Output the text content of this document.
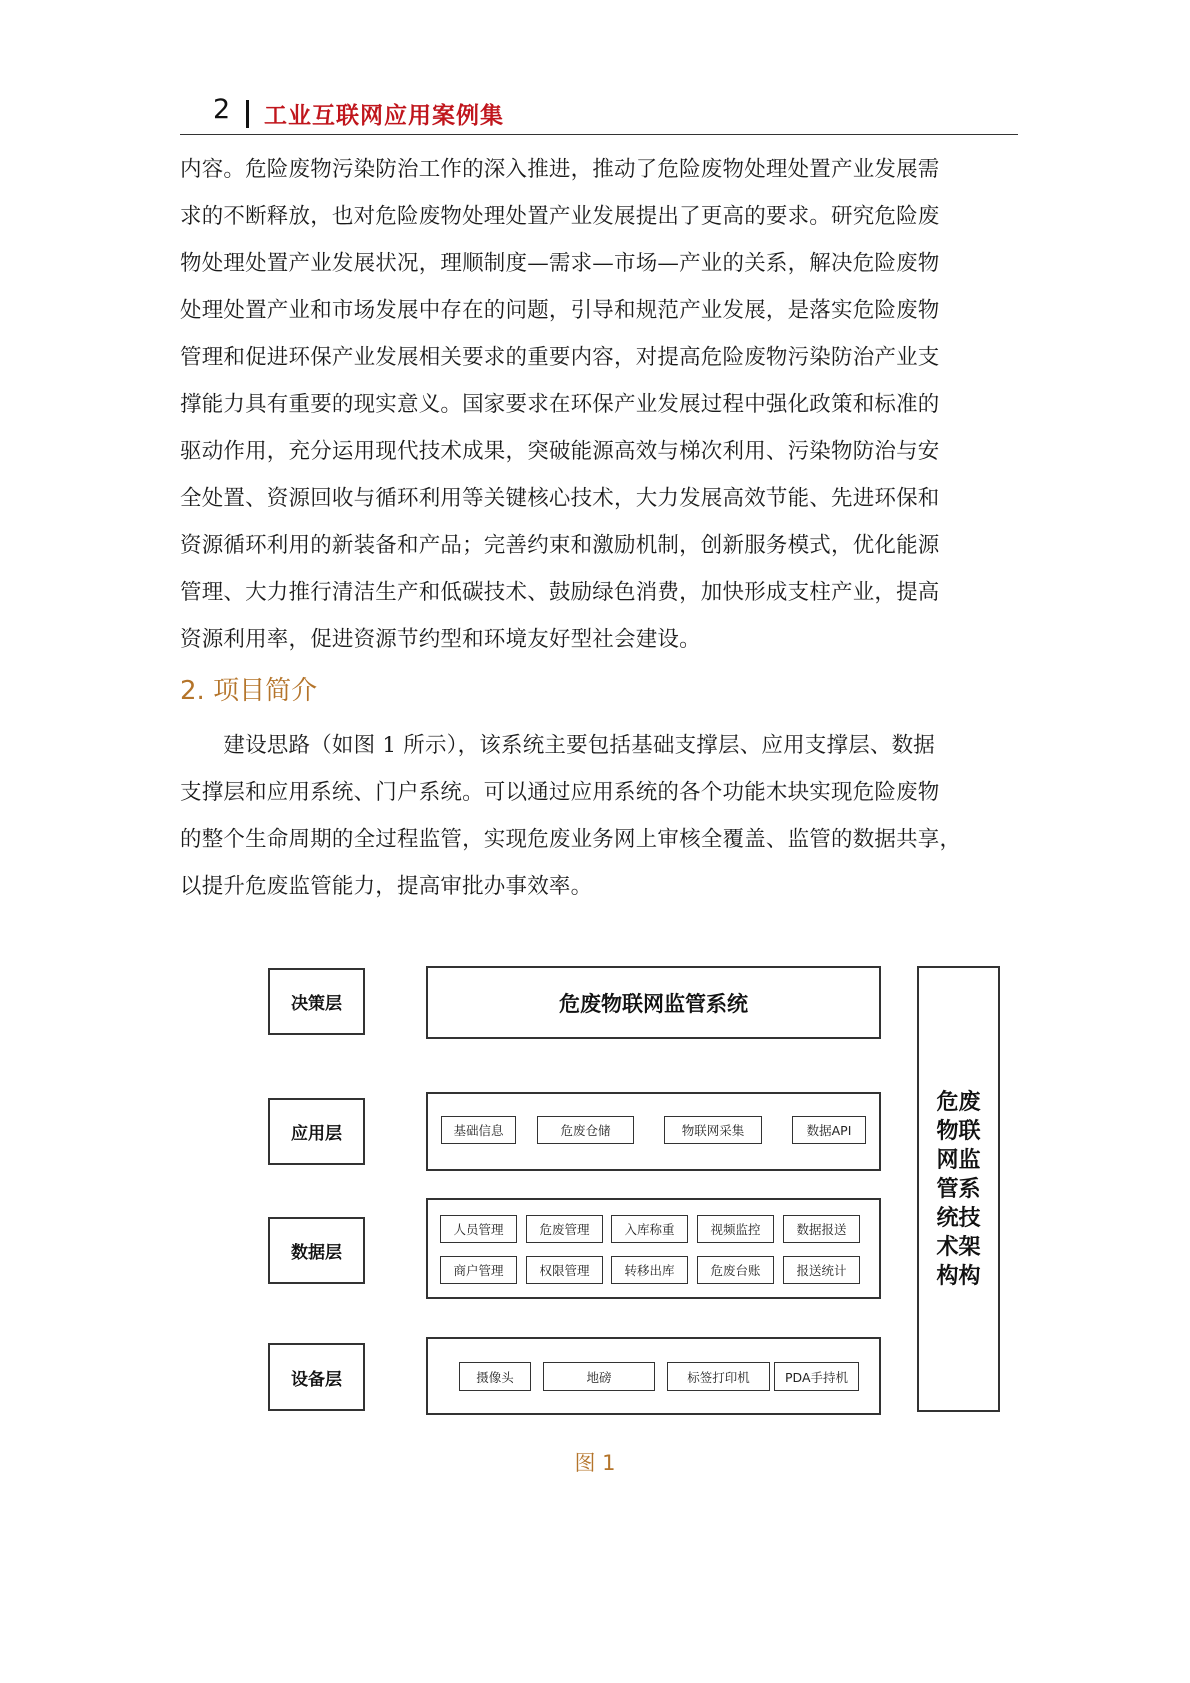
2 工业互联网应用案例集

内容。危险废物污染防治工作的深入推进，推动了危险废物处理处置产业发展需

求的不断释放，也对危险废物处理处置产业发展提出了更高的要求。研究危险废

物处理处置产业发展状况，理顺制度—需求—市场—产业的关系，解决危险废物

处理处置产业和市场发展中存在的问题，引导和规范产业发展，是落实危险废物

管理和促进环保产业发展相关要求的重要内容，对提高危险废物污染防治产业支

撑能力具有重要的现实意义。国家要求在环保产业发展过程中强化政策和标准的

驱动作用，充分运用现代技术成果，突破能源高效与梯次利用、污染物防治与安

全处置、资源回收与循环利用等关键核心技术，大力发展高效节能、先进环保和

资源循环利用的新装备和产品；完善约束和激励机制，创新服务模式，优化能源

管理、大力推行清洁生产和低碳技术、鼓励绿色消费，加快形成支柱产业，提高

资源利用率，促进资源节约型和环境友好型社会建设。

2. 项目简介

　　建设思路（如图 1 所示），该系统主要包括基础支撑层、应用支撑层、数据

支撑层和应用系统、门户系统。可以通过应用系统的各个功能木块实现危险废物

的整个生命周期的全过程监管，实现危废业务网上审核全覆盖、监管的数据共享，

以提升危废监管能力，提高审批办事效率。

决策层
应用层
数据层
设备层
危废物联网监管系统
基础信息	危废仓储	物联网采集	数据API
人员管理	危废管理	入库称重	视频监控	数据报送
商户管理	权限管理	转移出库	危废台账	报送统计
摄像头	地磅	标签打印机	PDA手持机
危废物联网监管系统技术架构构
图 1
